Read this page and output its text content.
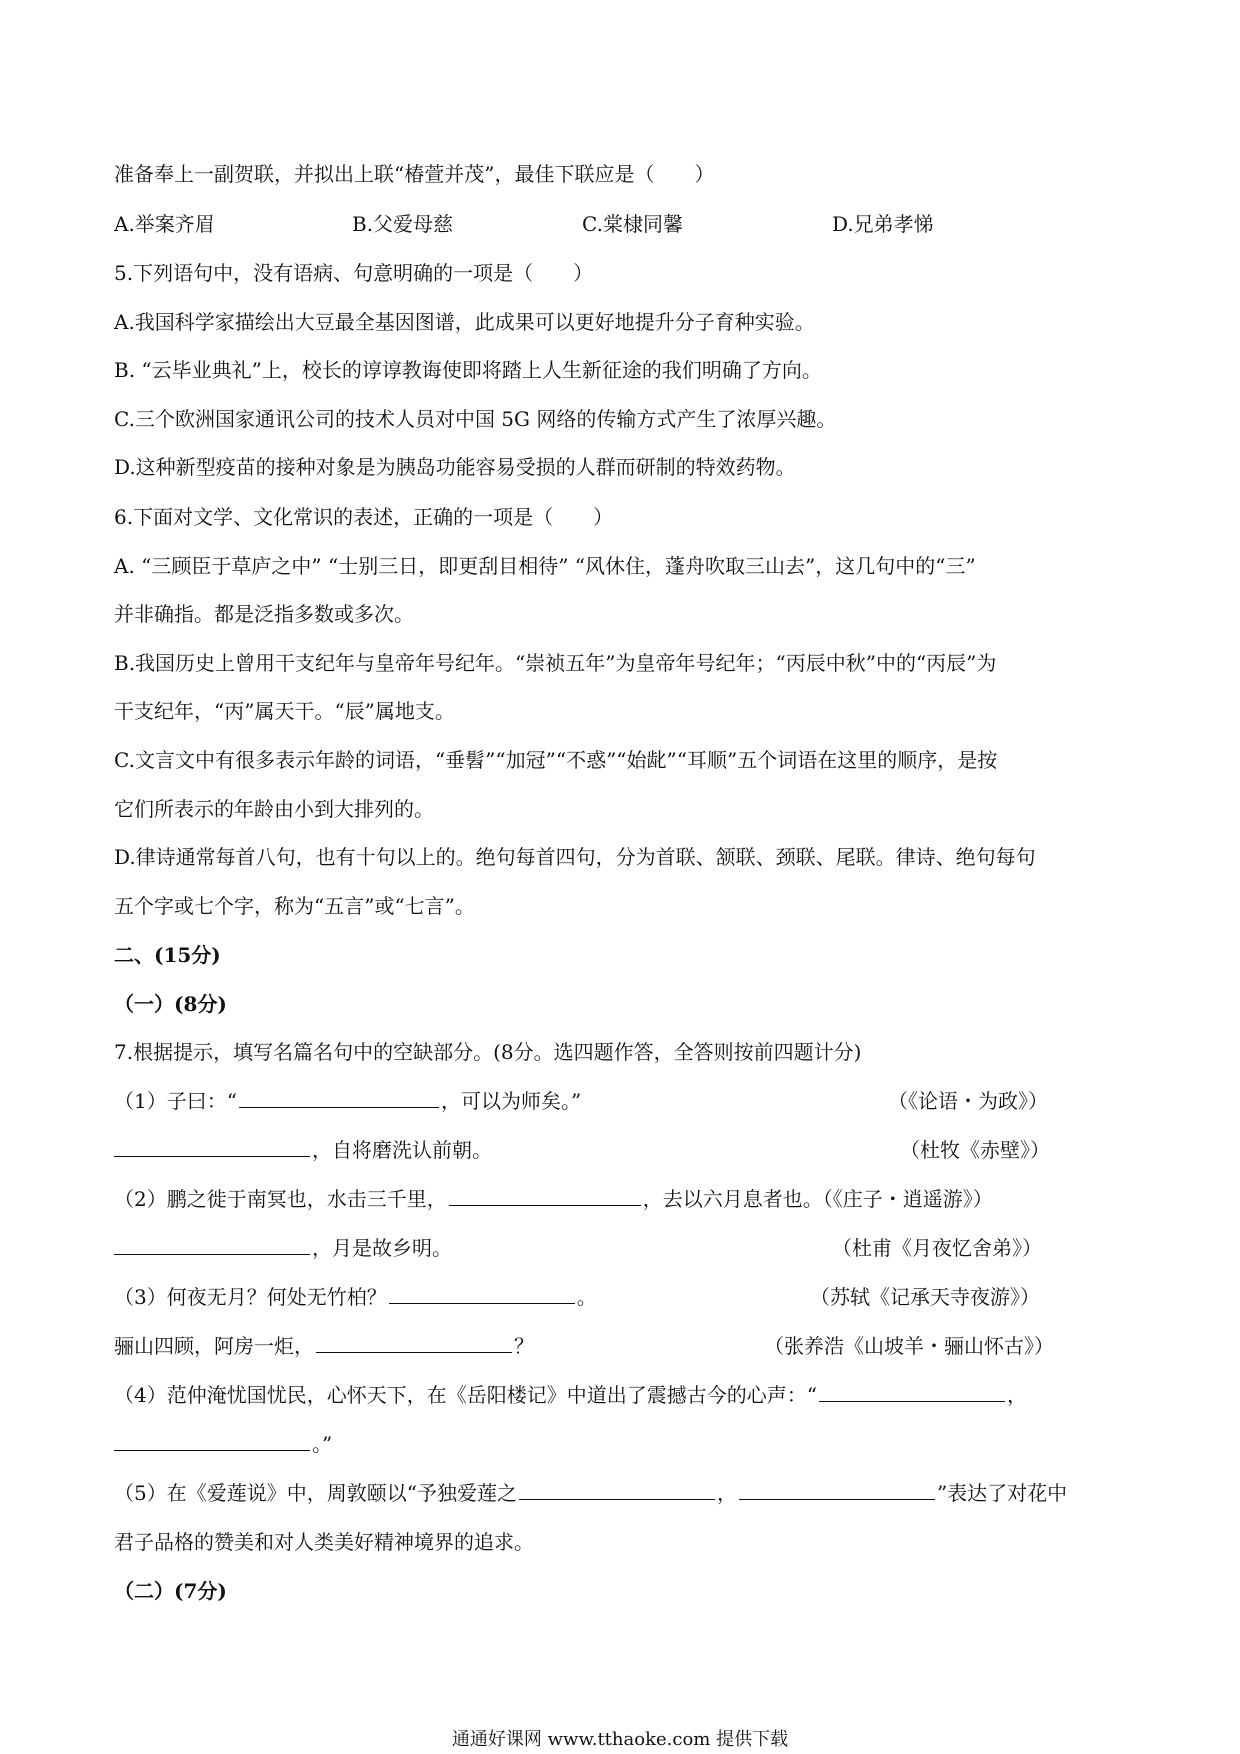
准备奉上一副贺联，并拟出上联“椿萱并茂”，最佳下联应是（　　）
A.举案齐眉	B.父爱母慈	C.棠棣同馨	D.兄弟孝悌
5.下列语句中，没有语病、句意明确的一项是（　　）
A.我国科学家描绘出大豆最全基因图谱，此成果可以更好地提升分子育种实验。
B. “云毕业典礼”上，校长的谆谆教诲使即将踏上人生新征途的我们明确了方向。
C.三个欧洲国家通讯公司的技术人员对中国 5G 网络的传输方式产生了浓厚兴趣。
D.这种新型疫苗的接种对象是为胰岛功能容易受损的人群而研制的特效药物。
6.下面对文学、文化常识的表述，正确的一项是（　　）
A. “三顾臣于草庐之中” “士别三日，即更刮目相待” “风休住，蓬舟吹取三山去”，这几句中的“三”
并非确指。都是泛指多数或多次。
B.我国历史上曾用干支纪年与皇帝年号纪年。“崇祯五年”为皇帝年号纪年；“丙辰中秋”中的“丙辰”为
干支纪年，“丙”属天干。“辰”属地支。
C.文言文中有很多表示年龄的词语，“垂髫”“加冠”“不惑”“始龀”“耳顺”五个词语在这里的顺序，是按
它们所表示的年龄由小到大排列的。
D.律诗通常每首八句，也有十句以上的。绝句每首四句，分为首联、颔联、颈联、尾联。律诗、绝句每句
五个字或七个字，称为“五言”或“七言”。
二、(15分)
（一）(8分)
7.根据提示，填写名篇名句中的空缺部分。(8分。选四题作答，全答则按前四题计分)
（1）子曰：“	，可以为师矣。”	（《论语・为政》）
，自将磨洗认前朝。	（杜牧《赤壁》）
（2）鹏之徙于南冥也，水击三千里，	，去以六月息者也。（《庄子・逍遥游》）
，月是故乡明。	（杜甫《月夜忆舍弟》）
（3）何夜无月？何处无竹柏？	。	（苏轼《记承天寺夜游》）
骊山四顾，阿房一炬，	？	（张养浩《山坡羊・骊山怀古》）
（4）范仲淹忧国忧民，心怀天下，在《岳阳楼记》中道出了震撼古今的心声：“	，
。”
（5）在《爱莲说》中，周敦颐以“予独爱莲之	，	”表达了对花中
君子品格的赞美和对人类美好精神境界的追求。
（二）(7分)
通通好课网 www.tthaoke.com 提供下载
